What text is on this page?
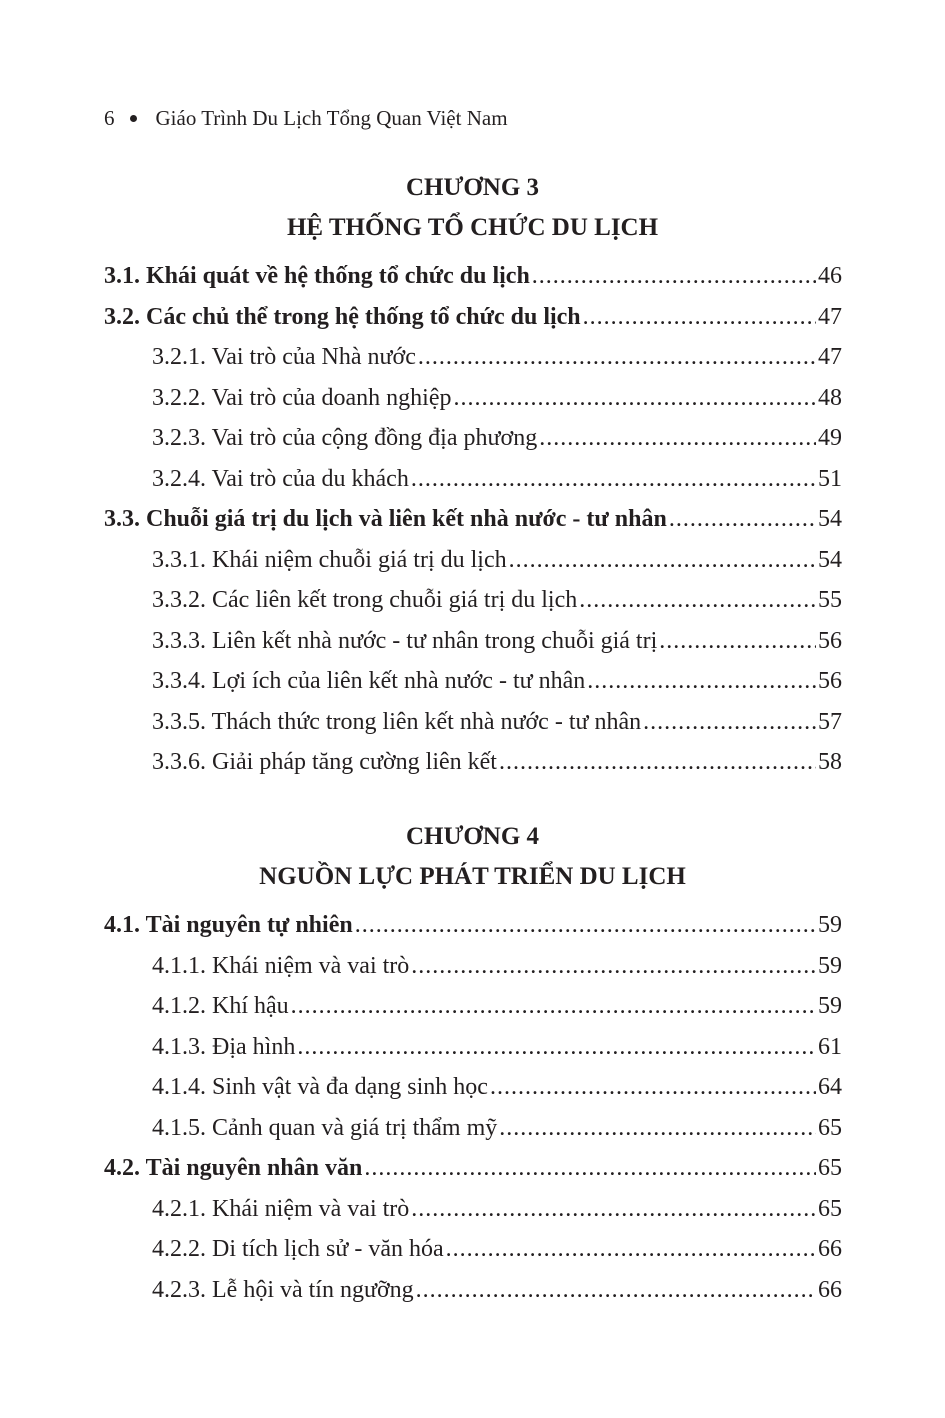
6 Giáo Trình Du Lịch Tổng Quan Việt Nam
CHƯƠNG 3
HỆ THỐNG TỔ CHỨC DU LỊCH
3.1. Khái quát về hệ thống tổ chức du lịch .....	46
3.2. Các chủ thể trong hệ thống tổ chức du lịch .....	47
3.2.1. Vai trò của Nhà nước .....	47
3.2.2. Vai trò của doanh nghiệp .....	48
3.2.3. Vai trò của cộng đồng địa phương .....	49
3.2.4. Vai trò của du khách .....	51
3.3. Chuỗi giá trị du lịch và liên kết nhà nước - tư nhân .....	54
3.3.1. Khái niệm chuỗi giá trị du lịch .....	54
3.3.2. Các liên kết trong chuỗi giá trị du lịch .....	55
3.3.3. Liên kết nhà nước - tư nhân trong chuỗi giá trị .....	56
3.3.4. Lợi ích của liên kết nhà nước - tư nhân .....	56
3.3.5. Thách thức trong liên kết nhà nước - tư nhân .....	57
3.3.6. Giải pháp tăng cường liên kết .....	58
CHƯƠNG 4
NGUỒN LỰC PHÁT TRIỂN DU LỊCH
4.1. Tài nguyên tự nhiên .....	59
4.1.1. Khái niệm và vai trò .....	59
4.1.2. Khí hậu .....	59
4.1.3. Địa hình .....	61
4.1.4. Sinh vật và đa dạng sinh học .....	64
4.1.5. Cảnh quan và giá trị thẩm mỹ .....	65
4.2. Tài nguyên nhân văn .....	65
4.2.1. Khái niệm và vai trò .....	65
4.2.2. Di tích lịch sử - văn hóa .....	66
4.2.3. Lễ hội và tín ngưỡng .....	66
